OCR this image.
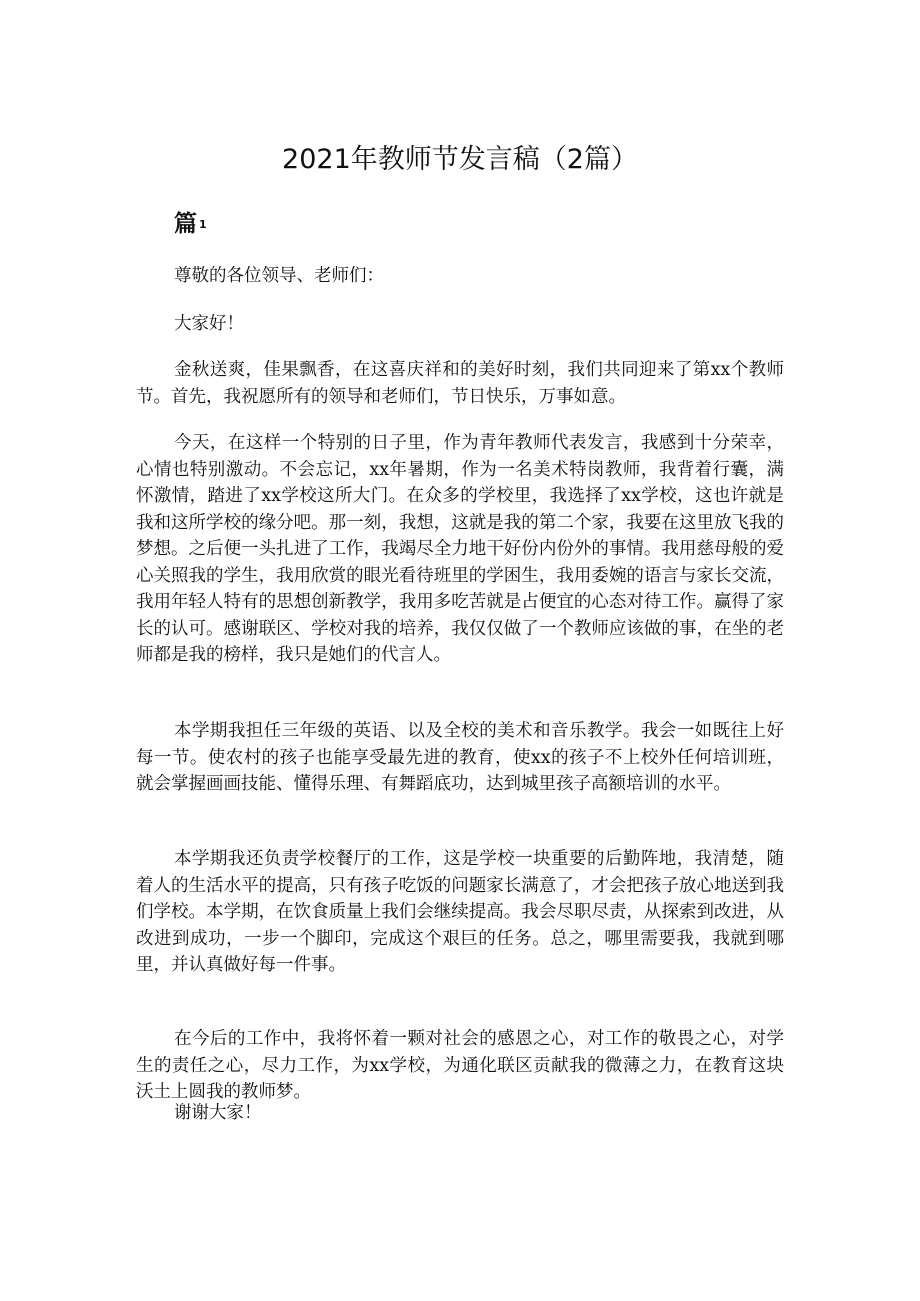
2021年教师节发言稿（2篇）
篇 1

尊敬的各位领导、老师们：

大家好！

金秋送爽，佳果飘香，在这喜庆祥和的美好时刻，我们共同迎来了第xx个教师节。首先，我祝愿所有的领导和老师们，节日快乐，万事如意。

今天，在这样一个特别的日子里，作为青年教师代表发言，我感到十分荣幸，心情也特别激动。不会忘记，xx年暑期，作为一名美术特岗教师，我背着行囊，满怀激情，踏进了xx学校这所大门。在众多的学校里，我选择了xx学校，这也许就是我和这所学校的缘分吧。那一刻，我想，这就是我的第二个家，我要在这里放飞我的梦想。之后便一头扎进了工作，我竭尽全力地干好份内份外的事情。我用慈母般的爱心关照我的学生，我用欣赏的眼光看待班里的学困生，我用委婉的语言与家长交流，我用年轻人特有的思想创新教学，我用多吃苦就是占便宜的心态对待工作。赢得了家长的认可。感谢联区、学校对我的培养，我仅仅做了一个教师应该做的事，在坐的老师都是我的榜样，我只是她们的代言人。

本学期我担任三年级的英语、以及全校的美术和音乐教学。我会一如既往上好每一节。使农村的孩子也能享受最先进的教育，使xx的孩子不上校外任何培训班，就会掌握画画技能、懂得乐理、有舞蹈底功，达到城里孩子高额培训的水平。

本学期我还负责学校餐厅的工作，这是学校一块重要的后勤阵地，我清楚，随着人的生活水平的提高，只有孩子吃饭的问题家长满意了，才会把孩子放心地送到我们学校。本学期，在饮食质量上我们会继续提高。我会尽职尽责，从探索到改进，从改进到成功，一步一个脚印，完成这个艰巨的任务。总之，哪里需要我，我就到哪里，并认真做好每一件事。

在今后的工作中，我将怀着一颗对社会的感恩之心，对工作的敬畏之心，对学生的责任之心，尽力工作，为xx学校，为通化联区贡献我的微薄之力，在教育这块沃土上圆我的教师梦。

谢谢大家！
